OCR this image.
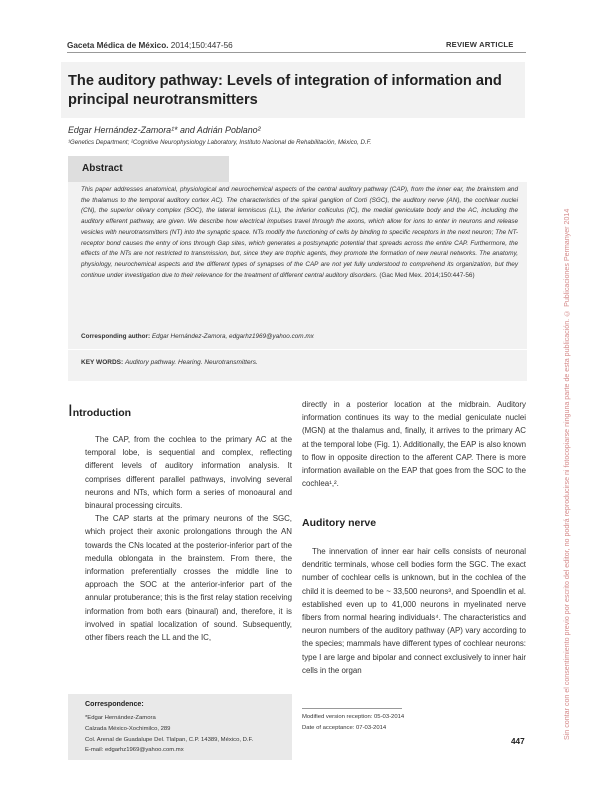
Gaceta Médica de México. 2014;150:447-56	REVIEW ARTICLE
The auditory pathway: Levels of integration of information and principal neurotransmitters
Edgar Hernández-Zamora¹* and Adrián Poblano²
¹Genetics Department; ²Cognitive Neurophysiology Laboratory, Instituto Nacional de Rehabilitación, México, D.F.
Abstract
This paper addresses anatomical, physiological and neurochemical aspects of the central auditory pathway (CAP), from the inner ear, the brainstem and the thalamus to the temporal auditory cortex AC). The characteristics of the spiral ganglion of Corti (SGC), the auditory nerve (AN), the cochlear nuclei (CN), the superior olivary complex (SOC), the lateral lemniscus (LL), the inferior colliculus (IC), the medial geniculate body and the AC, including the auditory efferent pathway, are given. We describe how electrical impulses travel through the axons, which allow for ions to enter in neurons and release vesicles with neurotransmitters (NT) into the synaptic space. NTs modify the functioning of cells by binding to specific receptors in the next neuron; The NT-receptor bond causes the entry of ions through Gap sites, which generates a postsynaptic potential that spreads across the entire CAP. Furthermore, the effects of the NTs are not restricted to transmission, but, since they are trophic agents, they promote the formation of new neural networks. The anatomy, physiology, neurochemical aspects and the different types of synapses of the CAP are not yet fully understood to comprehend its organization, but they continue under investigation due to their relevance for the treatment of different central auditory disorders. (Gac Med Mex. 2014;150:447-56)
Corresponding author: Edgar Hernández-Zamora, edgarhz1969@yahoo.com.mx
KEY WORDS: Auditory pathway. Hearing. Neurotransmitters.
Introduction

The CAP, from the cochlea to the primary AC at the temporal lobe, is sequential and complex, reflecting different levels of auditory information analysis. It comprises different parallel pathways, involving several neurons and NTs, which form a series of monoaural and binaural processing circuits.

The CAP starts at the primary neurons of the SGC, which project their axonic prolongations through the AN towards the CNs located at the posterior-inferior part of the medulla oblongata in the brainstem. From there, the information preferentially crosses the middle line to approach the SOC at the anterior-inferior part of the annular protuberance; this is the first relay station receiving information from both ears (binaural) and, therefore, it is involved in spatial localization of sound. Subsequently, other fibers reach the LL and the IC,

directly in a posterior location at the midbrain. Auditory information continues its way to the medial geniculate nuclei (MGN) at the thalamus and, finally, it arrives to the primary AC at the temporal lobe (Fig. 1). Additionally, the EAP is also known to flow in opposite direction to the afferent CAP. There is more information available on the EAP that goes from the SOC to the cochlea¹,².

Auditory nerve

The innervation of inner ear hair cells consists of neuronal dendritic terminals, whose cell bodies form the SGC. The exact number of cochlear cells is unknown, but in the cochlea of the child it is deemed to be ~ 33,500 neurons³, and Spoendlin et al. established even up to 41,000 neurons in myelinated nerve fibers from normal hearing individuals⁴. The characteristics and neuron numbers of the auditory pathway (AP) vary according to the species; mammals have different types of cochlear neurons: type I are large and bipolar and connect exclusively to inner hair cells in the organ

Correspondence:
*Edgar Hernández-Zamora
Calzada México-Xochimilco, 289
Col. Arenal de Guadalupe Del. Tlalpan, C.P. 14389, México, D.F.
E-mail: edgarhz1969@yahoo.com.mx
Modified version reception: 05-03-2014
Date of acceptance: 07-03-2014
447
Sin contar con el consentimiento previo por escrito del editor, no podrá reproducirse ni fotocopiarse ninguna parte de esta publicación. © Publicaciones Permanyer 2014
